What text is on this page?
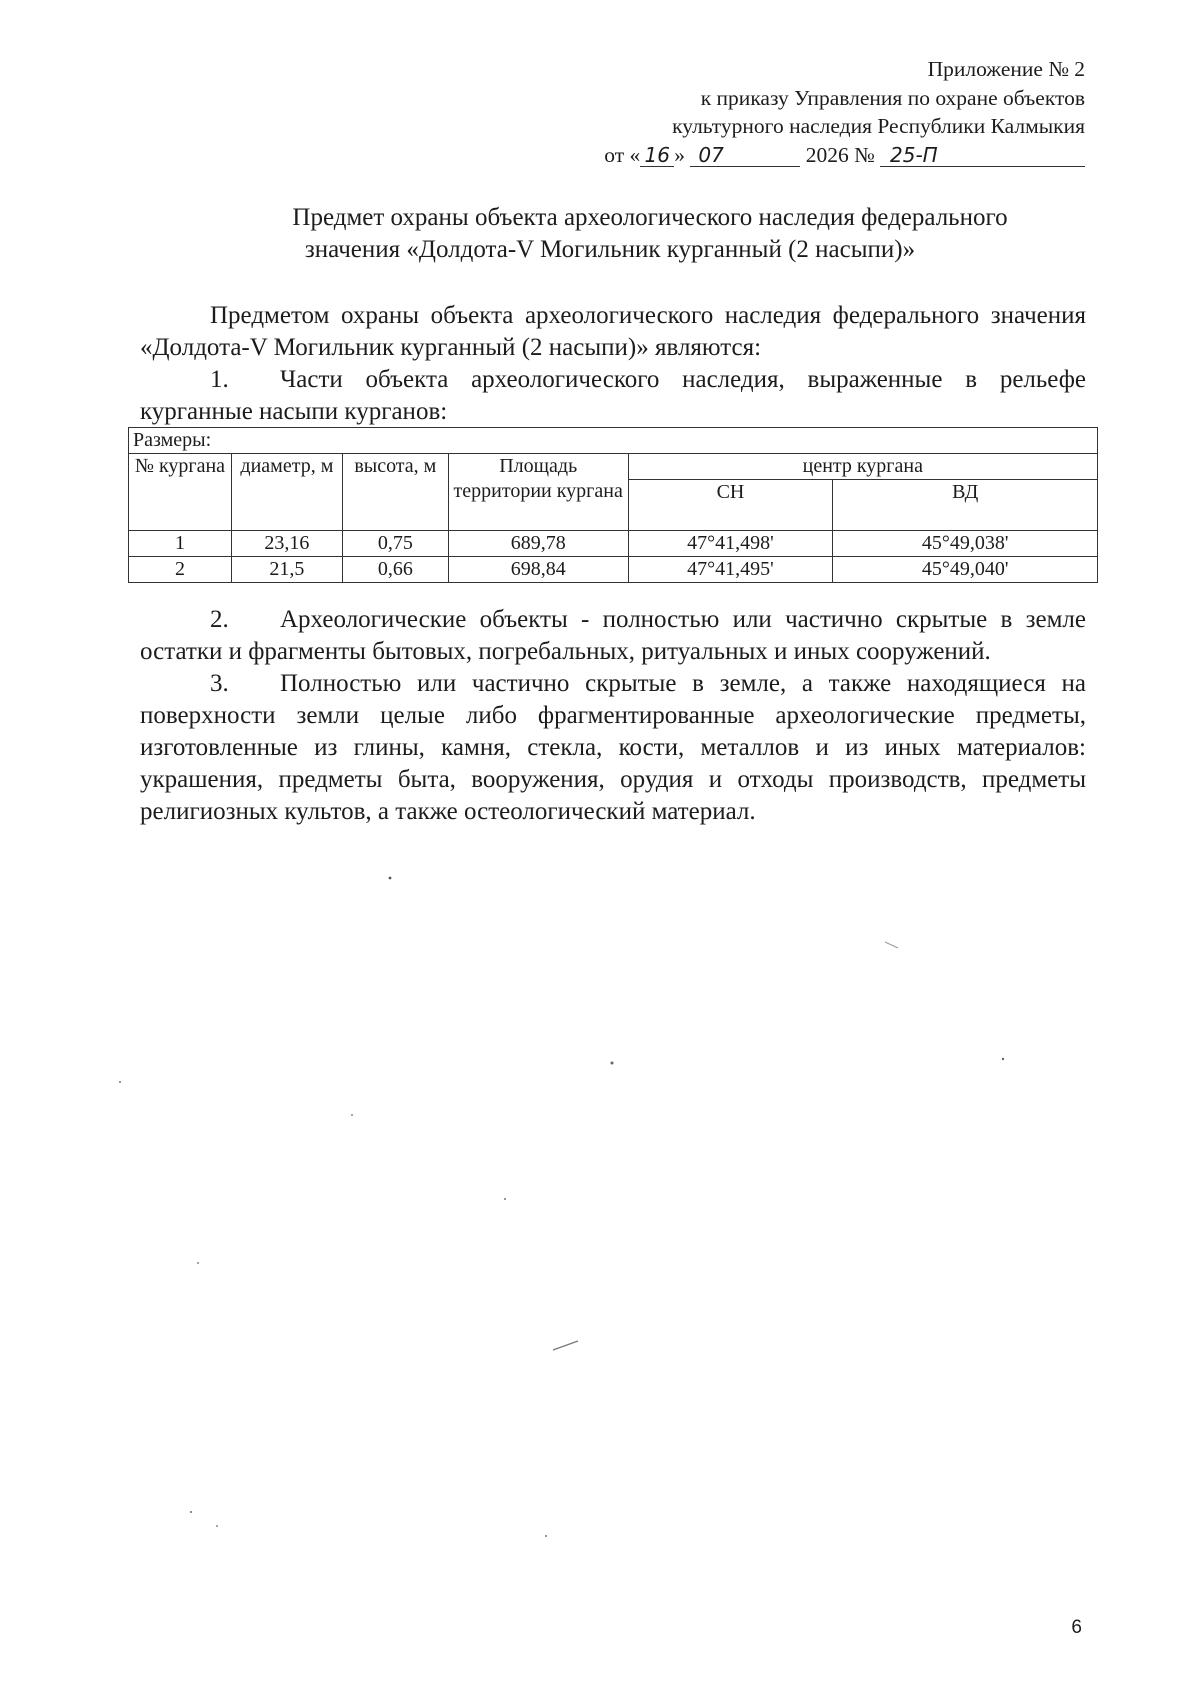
Приложение № 2
к приказу Управления по охране объектов
культурного наследия Республики Калмыкия
от « 16 » 07	2026 № 25-П
Предмет охраны объекта археологического наследия федерального
значения «Долдота-V Могильник курганный (2 насыпи)»

Предметом охраны объекта археологического наследия федерального значения «Долдота-V Могильник курганный (2 насыпи)» являются:

1. Части объекта археологического наследия, выраженные в рельефе курганные насыпи курганов:

Размеры:					
№ кургана	диаметр, м	высота, м	Площадь территории кургана	центр кургана	
				СН	ВД
1	23,16	0,75	689,78	47°41,498'	45°49,038'
2	21,5	0,66	698,84	47°41,495'	45°49,040'

2. Археологические объекты - полностью или частично скрытые в земле остатки и фрагменты бытовых, погребальных, ритуальных и иных сооружений.

3. Полностью или частично скрытые в земле, а также находящиеся на поверхности земли целые либо фрагментированные археологические предметы, изготовленные из глины, камня, стекла, кости, металлов и из иных материалов: украшения, предметы быта, вооружения, орудия и отходы производств, предметы религиозных культов, а также остеологический материал.

6
